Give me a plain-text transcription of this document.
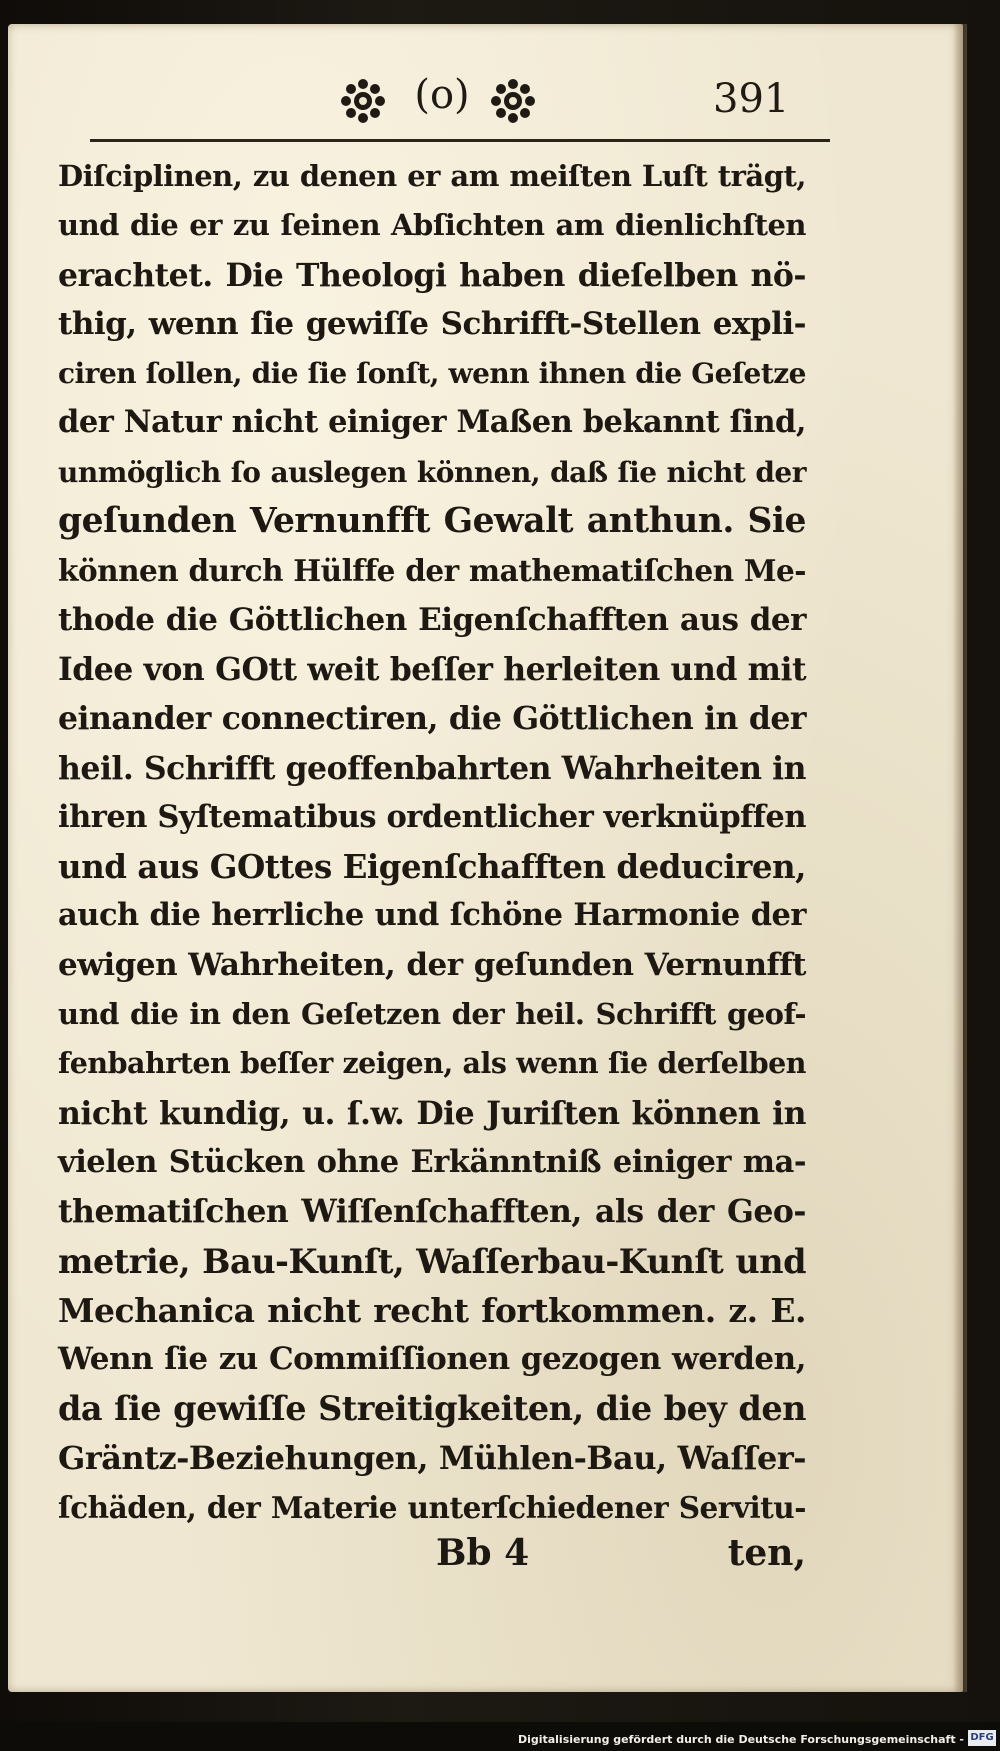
(o)	391
Diſciplinen, zu denen er am meiſten Luſt trägt,
und die er zu ſeinen Abſichten am dienlichſten
erachtet. Die Theologi haben dieſelben nö-
thig, wenn ſie gewiſſe Schrifft-Stellen expli-
ciren ſollen, die ſie ſonſt, wenn ihnen die Geſetze
der Natur nicht einiger Maßen bekannt ſind,
unmöglich ſo auslegen können, daß ſie nicht der
geſunden Vernunfft Gewalt anthun. Sie
können durch Hülffe der mathematiſchen Me-
thode die Göttlichen Eigenſchafften aus der
Idee von GOtt weit beſſer herleiten und mit
einander connectiren, die Göttlichen in der
heil. Schrifft geoffenbahrten Wahrheiten in
ihren Syſtematibus ordentlicher verknüpffen
und aus GOttes Eigenſchafften deduciren,
auch die herrliche und ſchöne Harmonie der
ewigen Wahrheiten, der geſunden Vernunfft
und die in den Geſetzen der heil. Schrifft geof-
fenbahrten beſſer zeigen, als wenn ſie derſelben
nicht kundig, u. ſ.w. Die Juriſten können in
vielen Stücken ohne Erkänntniß einiger ma-
thematiſchen Wiſſenſchafften, als der Geo-
metrie, Bau-Kunſt, Waſſerbau-Kunſt und
Mechanica nicht recht fortkommen. z. E.
Wenn ſie zu Commiſſionen gezogen werden,
da ſie gewiſſe Streitigkeiten, die bey den
Gräntz-Beziehungen, Mühlen-Bau, Waſſer-
ſchäden, der Materie unterſchiedener Servitu-
Bb 4	ten,
Digitalisierung gefördert durch die Deutsche Forschungsgemeinschaft - DFG
